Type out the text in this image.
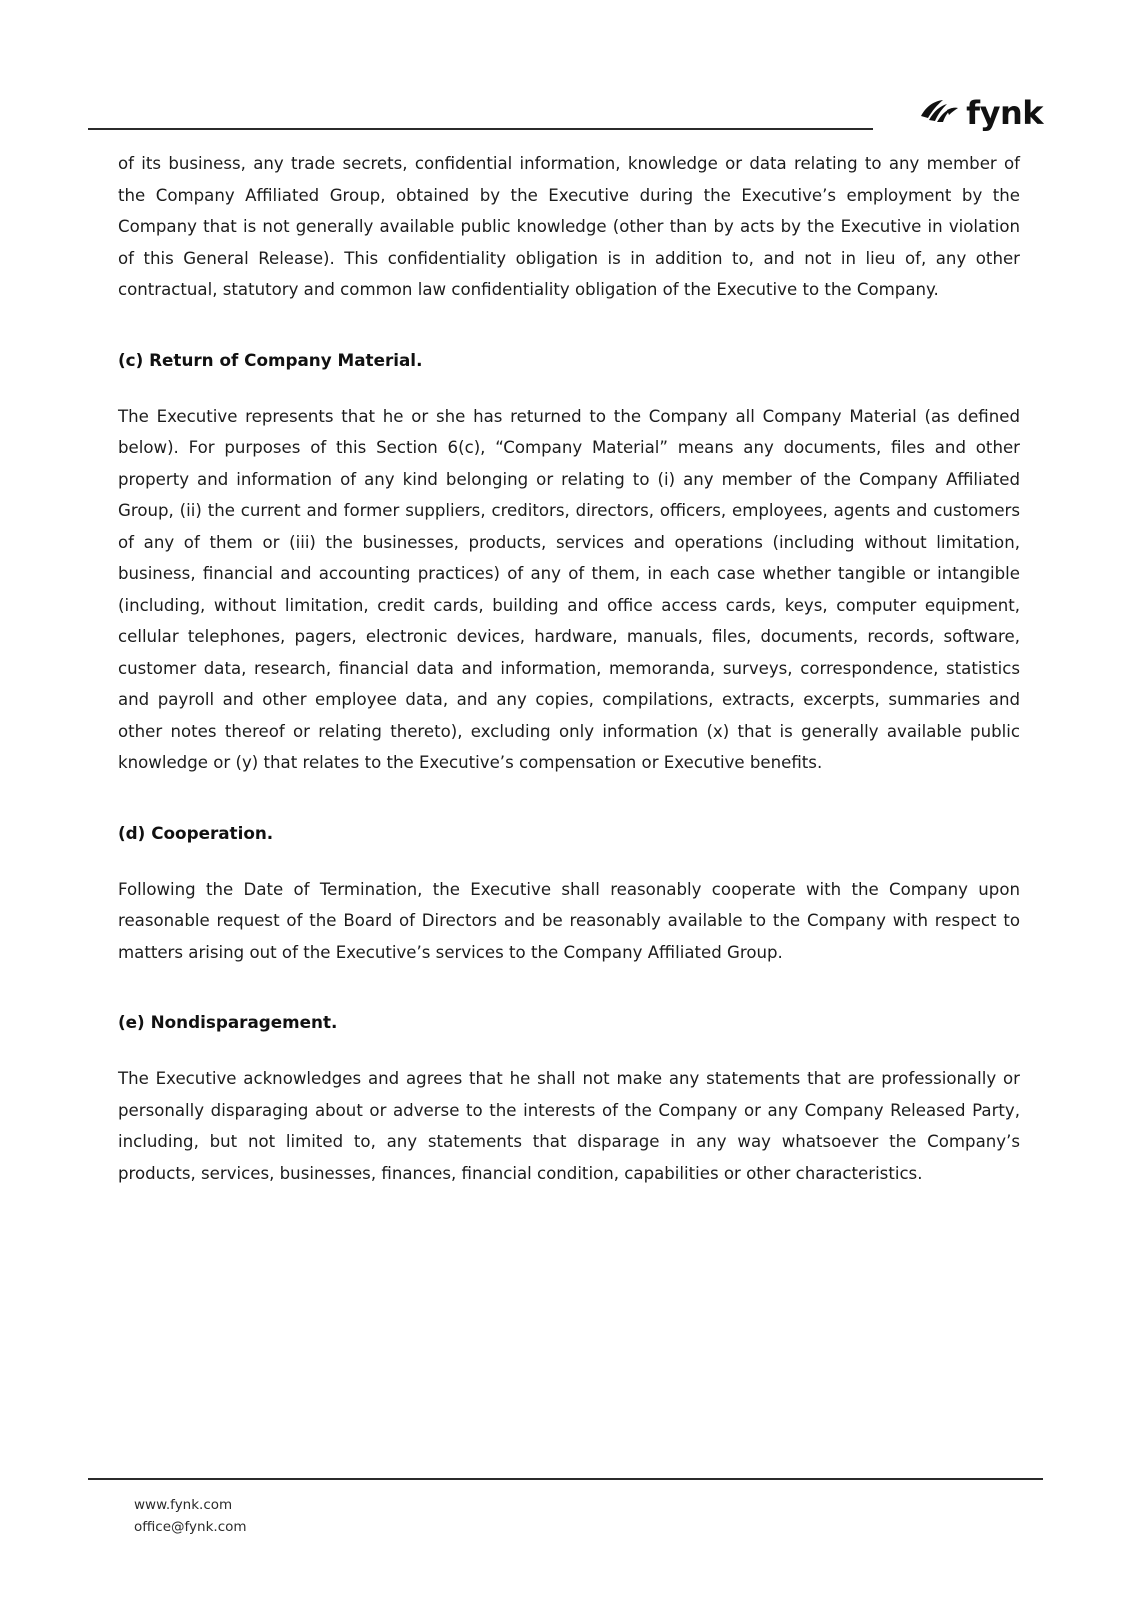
fynk

of its business, any trade secrets, confidential information, knowledge or data relating to any member of the Company Affiliated Group, obtained by the Executive during the Executive’s employment by the Company that is not generally available public knowledge (other than by acts by the Executive in violation of this General Release). This confidentiality obligation is in addition to, and not in lieu of, any other contractual, statutory and common law confidentiality obligation of the Executive to the Company.

(c) Return of Company Material.

The Executive represents that he or she has returned to the Company all Company Material (as defined below). For purposes of this Section 6(c), “Company Material” means any documents, files and other property and information of any kind belonging or relating to (i) any member of the Company Affiliated Group, (ii) the current and former suppliers, creditors, directors, officers, employees, agents and customers of any of them or (iii) the businesses, products, services and operations (including without limitation, business, financial and accounting practices) of any of them, in each case whether tangible or intangible (including, without limitation, credit cards, building and office access cards, keys, computer equipment, cellular telephones, pagers, electronic devices, hardware, manuals, files, documents, records, software, customer data, research, financial data and information, memoranda, surveys, correspondence, statistics and payroll and other employee data, and any copies, compilations, extracts, excerpts, summaries and other notes thereof or relating thereto), excluding only information (x) that is generally available public knowledge or (y) that relates to the Executive’s compensation or Executive benefits.

(d) Cooperation.

Following the Date of Termination, the Executive shall reasonably cooperate with the Company upon reasonable request of the Board of Directors and be reasonably available to the Company with respect to matters arising out of the Executive’s services to the Company Affiliated Group.

(e) Nondisparagement.

The Executive acknowledges and agrees that he shall not make any statements that are professionally or personally disparaging about or adverse to the interests of the Company or any Company Released Party, including, but not limited to, any statements that disparage in any way whatsoever the Company’s products, services, businesses, finances, financial condition, capabilities or other characteristics.

www.fynk.com
office@fynk.com
